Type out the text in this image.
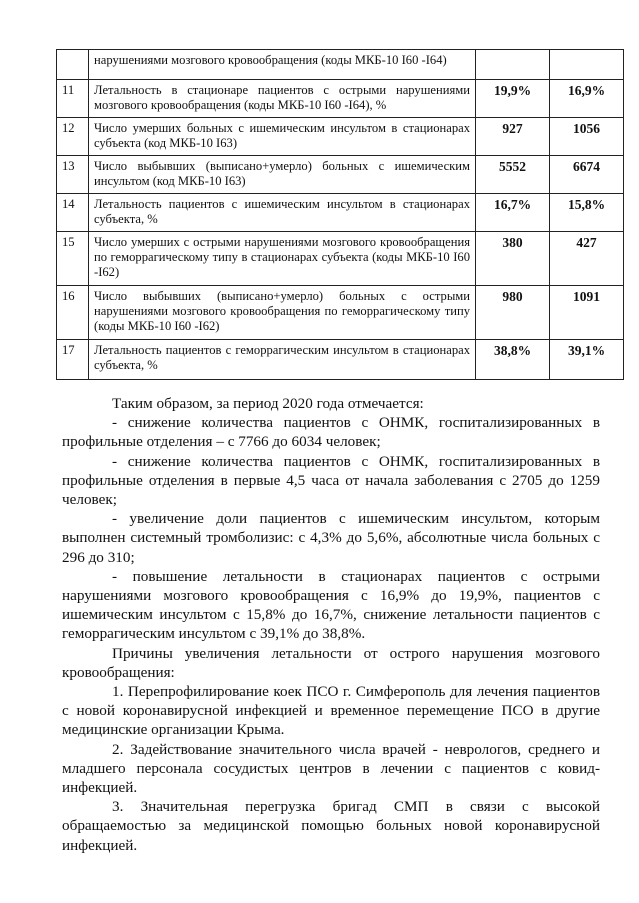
	нарушениями мозгового кровообращения (коды МКБ-10 I60 -I64)		
11	Летальность в стационаре пациентов с острыми нарушениями мозгового кровообращения (коды МКБ-10 I60 -I64), %	19,9%	16,9%
12	Число умерших больных с ишемическим инсультом в стационарах субъекта (код МКБ-10 I63)	927	1056
13	Число выбывших (выписано+умерло) больных с ишемическим инсультом (код МКБ-10 I63)	5552	6674
14	Летальность пациентов с ишемическим инсультом в стационарах субъекта, %	16,7%	15,8%
15	Число умерших с острыми нарушениями мозгового кровообращения по геморрагическому типу в стационарах субъекта (коды МКБ-10 I60 -I62)	380	427
16	Число выбывших (выписано+умерло) больных с острыми нарушениями мозгового кровообращения по геморрагическому типу (коды МКБ-10 I60 -I62)	980	1091
17	Летальность пациентов с геморрагическим инсультом в стационарах субъекта, %	38,8%	39,1%

Таким образом, за период 2020 года отмечается:

- снижение количества пациентов с ОНМК, госпитализированных в профильные отделения – с 7766 до 6034 человек;

- снижение количества пациентов с ОНМК, госпитализированных в профильные отделения в первые 4,5 часа от начала заболевания с 2705 до 1259 человек;

- увеличение доли пациентов с ишемическим инсультом, которым выполнен системный тромболизис: с 4,3% до 5,6%, абсолютные числа больных с 296 до 310;

- повышение летальности в стационарах пациентов с острыми нарушениями мозгового кровообращения с 16,9% до 19,9%, пациентов с ишемическим инсультом с 15,8% до 16,7%, снижение летальности пациентов с геморрагическим инсультом с 39,1% до 38,8%.

Причины увеличения летальности от острого нарушения мозгового кровообращения:

1. Перепрофилирование коек ПСО г. Симферополь для лечения пациентов с новой коронавирусной инфекцией и временное перемещение ПСО в другие медицинские организации Крыма.

2. Задействование значительного числа врачей - неврологов, среднего и младшего персонала сосудистых центров в лечении с пациентов с ковид-инфекцией.

3. Значительная перегрузка бригад СМП в связи с высокой обращаемостью за медицинской помощью больных новой коронавирусной инфекцией.
